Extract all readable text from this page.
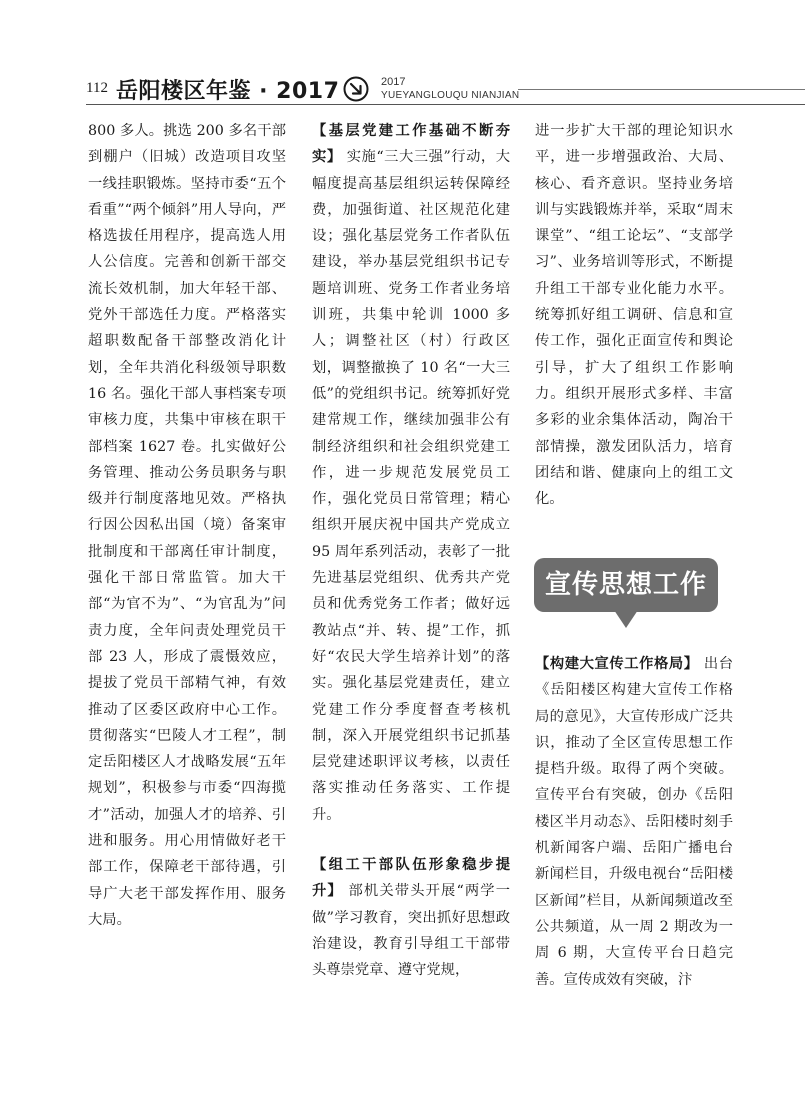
112 岳阳楼区年鉴 · 2017	2017
YUEYANGLOUQU NIANJIAN

800 多人。挑选 200 多名干部到棚户（旧城）改造项目攻坚一线挂职锻炼。坚持市委“五个看重”“两个倾斜”用人导向，严格选拔任用程序，提高选人用人公信度。完善和创新干部交流长效机制，加大年轻干部、党外干部选任力度。严格落实超职数配备干部整改消化计划，全年共消化科级领导职数 16 名。强化干部人事档案专项审核力度，共集中审核在职干部档案 1627 卷。扎实做好公务管理、推动公务员职务与职级并行制度落地见效。严格执行因公因私出国（境）备案审批制度和干部离任审计制度，强化干部日常监管。加大干部“为官不为”、“为官乱为”问责力度，全年问责处理党员干部 23 人，形成了震慑效应，提拔了党员干部精气神，有效推动了区委区政府中心工作。贯彻落实“巴陵人才工程”，制定岳阳楼区人才战略发展“五年规划”，积极参与市委“四海揽才”活动，加强人才的培养、引进和服务。用心用情做好老干部工作，保障老干部待遇，引导广大老干部发挥作用、服务大局。

【基层党建工作基础不断夯实】 实施“三大三强”行动，大幅度提高基层组织运转保障经费，加强街道、社区规范化建设；强化基层党务工作者队伍建设，举办基层党组织书记专题培训班、党务工作者业务培训班，共集中轮训 1000 多人；调整社区（村）行政区划，调整撤换了 10 名“一大三低”的党组织书记。统筹抓好党建常规工作，继续加强非公有制经济组织和社会组织党建工作，进一步规范发展党员工作，强化党员日常管理；精心组织开展庆祝中国共产党成立 95 周年系列活动，表彰了一批先进基层党组织、优秀共产党员和优秀党务工作者；做好远教站点“并、转、提”工作，抓好“农民大学生培养计划”的落实。强化基层党建责任，建立党建工作分季度督查考核机制，深入开展党组织书记抓基层党建述职评议考核，以责任落实推动任务落实、工作提升。

【组工干部队伍形象稳步提升】 部机关带头开展“两学一做”学习教育，突出抓好思想政治建设，教育引导组工干部带头尊崇党章、遵守党规，

进一步扩大干部的理论知识水平，进一步增强政治、大局、核心、看齐意识。坚持业务培训与实践锻炼并举，采取“周末课堂”、“组工论坛”、“支部学习”、业务培训等形式，不断提升组工干部专业化能力水平。统筹抓好组工调研、信息和宣传工作，强化正面宣传和舆论引导，扩大了组织工作影响力。组织开展形式多样、丰富多彩的业余集体活动，陶冶干部情操，激发团队活力，培育团结和谐、健康向上的组工文化。

宣传思想工作

【构建大宣传工作格局】 出台《岳阳楼区构建大宣传工作格局的意见》，大宣传形成广泛共识，推动了全区宣传思想工作提档升级。取得了两个突破。宣传平台有突破，创办《岳阳楼区半月动态》、岳阳楼时刻手机新闻客户端、岳阳广播电台新闻栏目，升级电视台“岳阳楼区新闻”栏目，从新闻频道改至公共频道，从一周 2 期改为一周 6 期，大宣传平台日趋完善。宣传成效有突破，汴
